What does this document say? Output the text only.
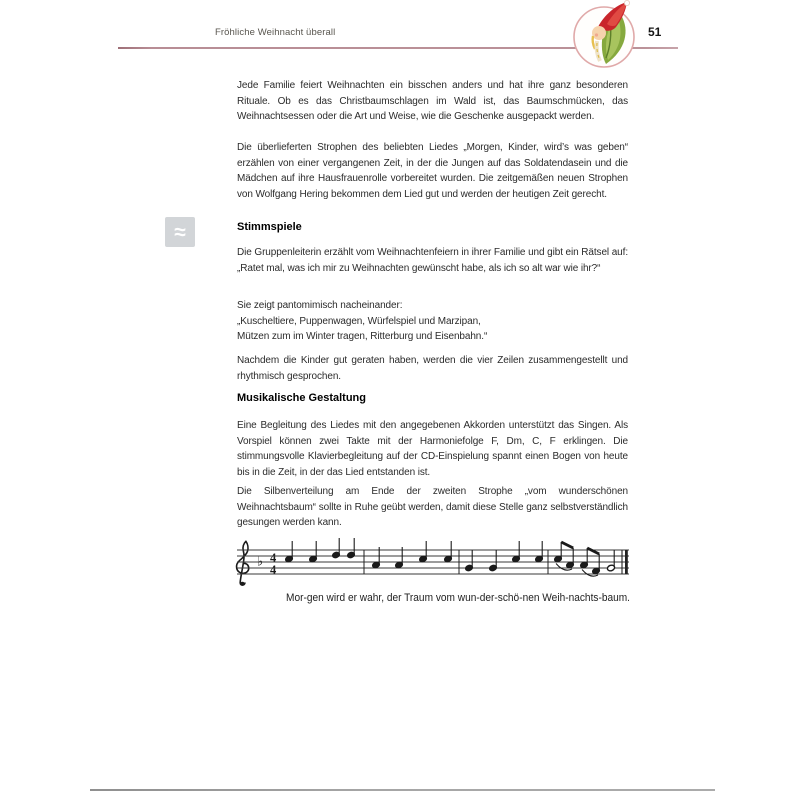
Fröhliche Weihnacht überall	51

Jede Familie feiert Weihnachten ein bisschen anders und hat ihre ganz besonderen Rituale. Ob es das Christbaumschlagen im Wald ist, das Baumschmücken, das Weihnachtsessen oder die Art und Weise, wie die Geschenke ausgepackt werden.

Die überlieferten Strophen des beliebten Liedes „Morgen, Kinder, wird’s was geben“ erzählen von einer vergangenen Zeit, in der die Jungen auf das Soldatendasein und die Mädchen auf ihre Hausfrauenrolle vorbereitet wurden. Die zeitgemäßen neuen Strophen von Wolfgang Hering bekommen dem Lied gut und werden der heutigen Zeit gerecht.

≈	Stimmspiele

Die Gruppenleiterin erzählt vom Weihnachtenfeiern in ihrer Familie und gibt ein Rätsel auf: „Ratet mal, was ich mir zu Weihnachten gewünscht habe, als ich so alt war wie ihr?“

Sie zeigt pantomimisch nacheinander:

„Kuscheltiere, Puppenwagen, Würfelspiel und Marzipan,

Mützen zum im Winter tragen, Ritterburg und Eisenbahn.“

Nachdem die Kinder gut geraten haben, werden die vier Zeilen zusammengestellt und rhythmisch gesprochen.

Musikalische Gestaltung

Eine Begleitung des Liedes mit den angegebenen Akkorden unterstützt das Singen. Als Vorspiel können zwei Takte mit der Harmoniefolge F, Dm, C, F erklingen. Die stimmungsvolle Klavierbegleitung auf der CD-Einspielung spannt einen Bogen von heute bis in die Zeit, in der das Lied entstanden ist.

Die Silbenverteilung am Ende der zweiten Strophe „vom wunderschönen Weihnachtsbaum“ sollte in Ruhe geübt werden, damit diese Stelle ganz selbstverständlich gesungen werden kann.

♭ 4
4
Mor-gen wird er wahr, der Traum vom wun-der-schö-nen Weih-nachts-baum.
